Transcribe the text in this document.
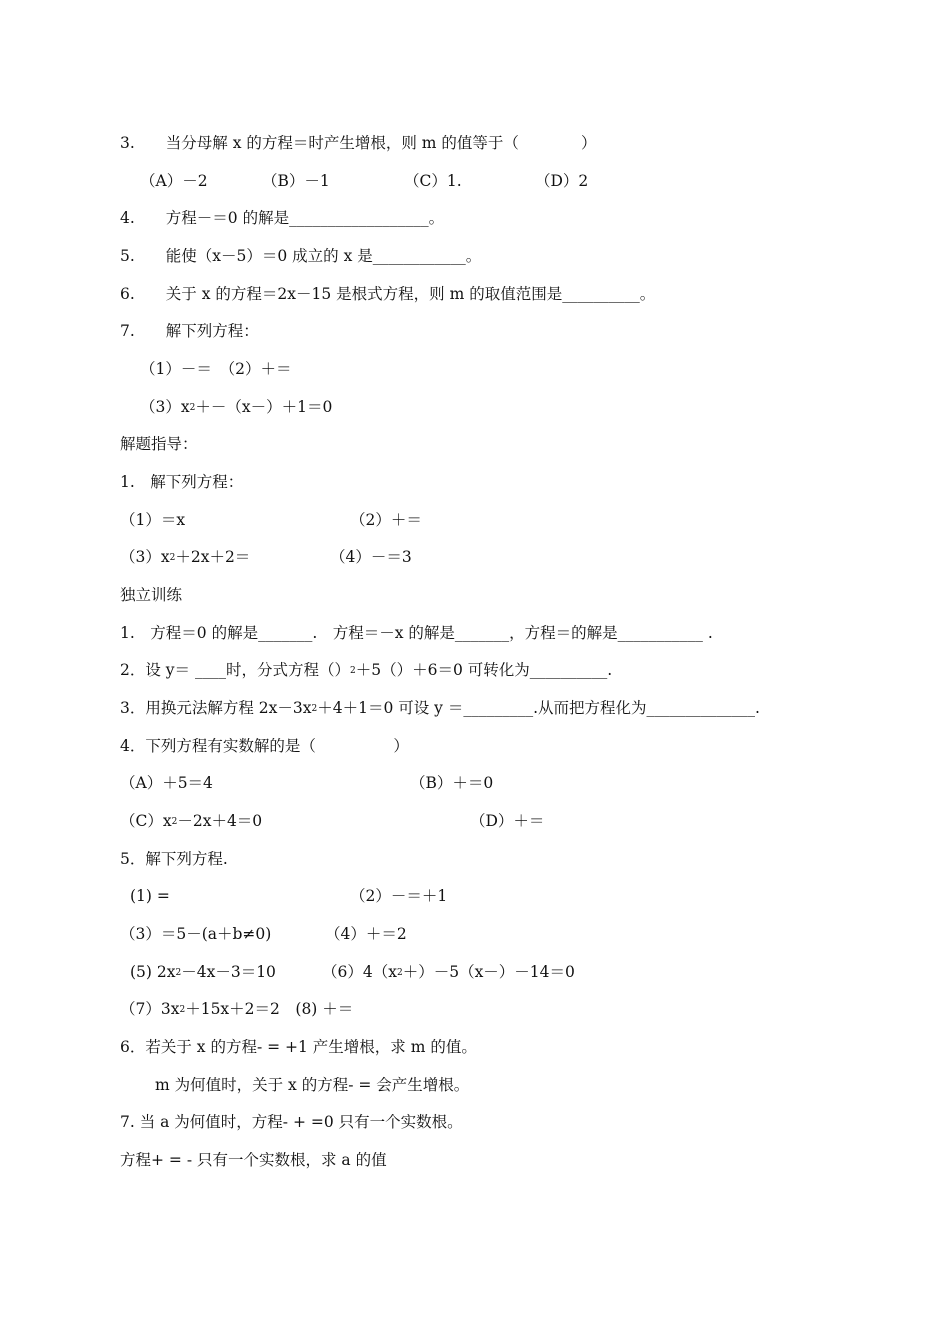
3.　　当分母解 x 的方程＝时产生增根，则 m 的值等于（　　　　）
（A）－2	（B）－1	（C）1.	（D）2
4.　　方程－＝0 的解是__________________。
5.　　能使（x－5）＝0 成立的 x 是____________。
6.　　关于 x 的方程＝2x－15 是根式方程，则 m 的取值范围是__________。
7.　　解下列方程：
（1）－＝　（2）＋＝
$(3)x^2+-(x-)+1=0$
解题指导：
1.　解下列方程：
（1）＝x	（2）＋＝
$(3)x^2+2x+2=$	（4）－＝3
独立训练
1.　方程＝0 的解是_______.　方程＝－x 的解是_______，方程＝的解是___________ .
2．设 y＝ ____时，分式方程（）$^2$＋5（）＋6＝0 可转化为__________.
3．用换元法解方程 $2x-3x^2+4+1=0$ 可设 y ＝_________.从而把方程化为______________.
4．下列方程有实数解的是（　　　　　）
（A）＋5＝4	（B）＋＝0
$(C)x^2-2x+4=0$	（D）＋＝
5．解下列方程.
(1) =	（2）－＝＋1
（3）＝5－(a＋b≠0)	（4）＋＝2
(5) $2x^2-4x-3=10$	$(6)4(x^2+)-5(x-)-14=0$
$(7)3x^2+15x+2=2$　(8) ＋＝
6．若关于 x 的方程- = +1 产生增根，求 m 的值。
m 为何值时，关于 x 的方程- = 会产生增根。
7. 当 a 为何值时，方程- + =0 只有一个实数根。
方程+ = - 只有一个实数根，求 a 的值
